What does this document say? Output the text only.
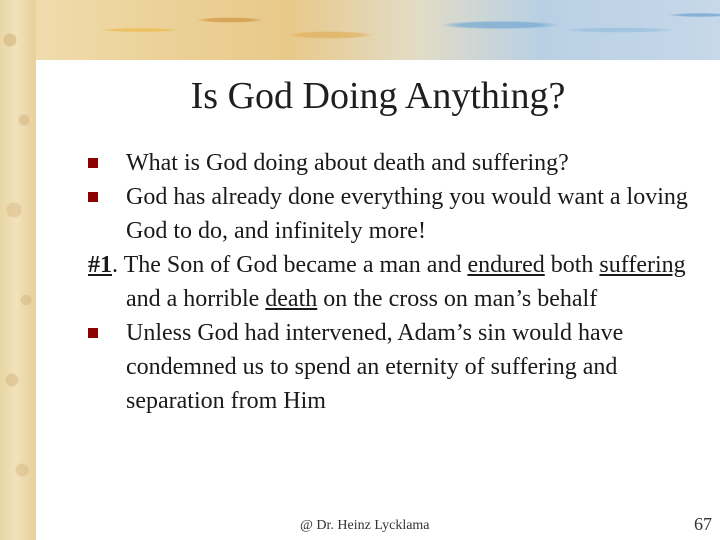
Is God Doing Anything?
What is God doing about death and suffering?
God has already done everything you would want a loving God to do, and infinitely more!
#1. The Son of God became a man and endured both suffering and a horrible death on the cross on man’s behalf
Unless God had intervened, Adam’s sin would have condemned us to spend an eternity of suffering and separation from Him
@ Dr. Heinz Lycklama	67
